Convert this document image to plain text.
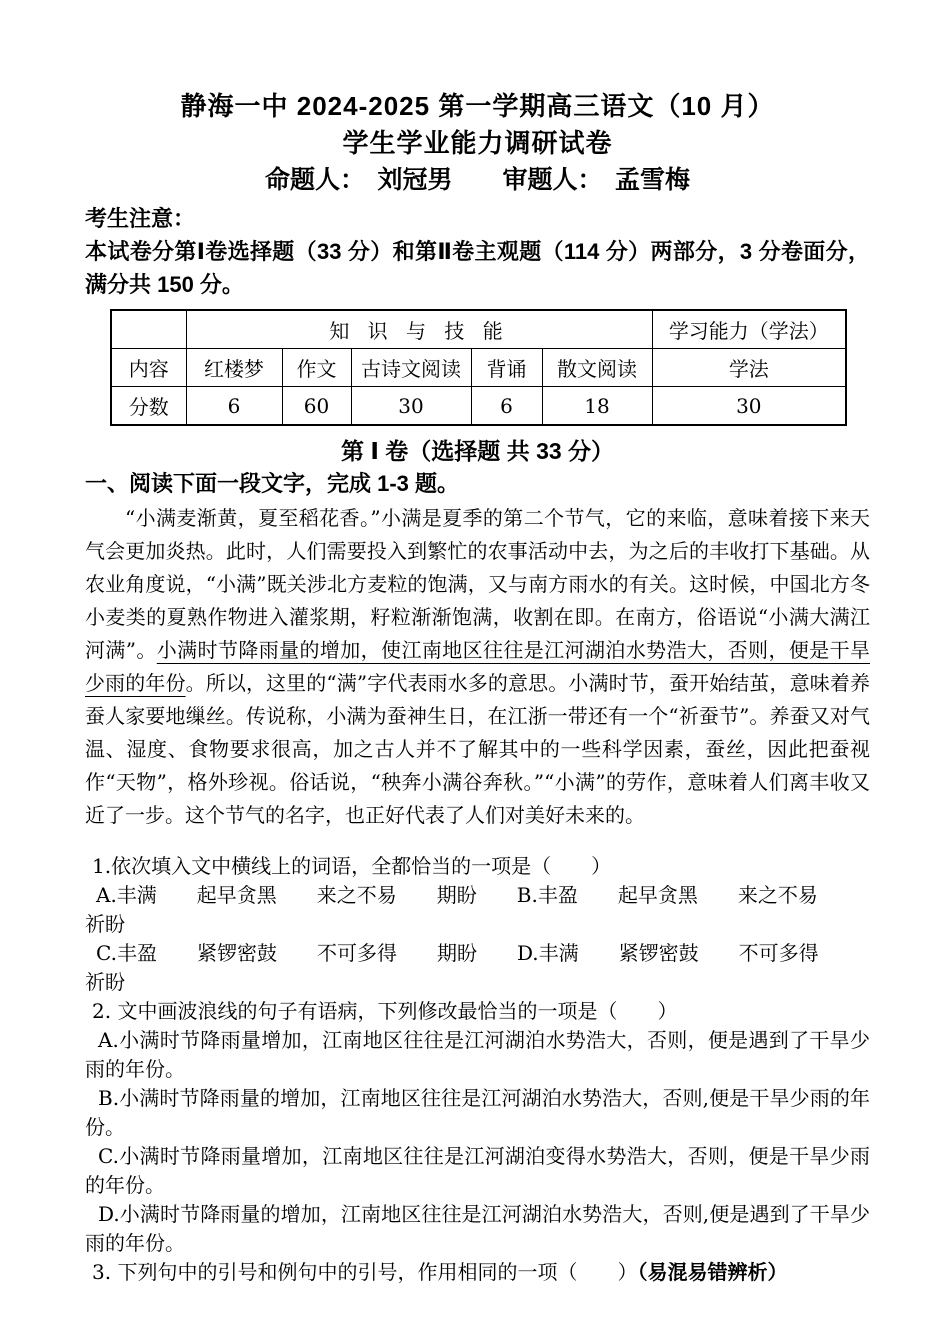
静海一中 2024-2025 第一学期高三语文（10 月）
学生学业能力调研试卷
命题人：　刘冠男　　审题人：　孟雪梅
考生注意：
本试卷分第Ⅰ卷选择题（33 分）和第Ⅱ卷主观题（114 分）两部分，3 分卷面分，满分共 150 分。
	知 识 与 技 能					学习能力（学法）
内容	红楼梦	作文	古诗文阅读	背诵	散文阅读	学法
分数	6	60	30	6	18	30
第 Ⅰ 卷（选择题 共 33 分）
一、阅读下面一段文字，完成 1-3 题。

“小满麦渐黄，夏至稻花香。”小满是夏季的第二个节气，它的来临，意味着接下来天气会更加炎热。此时，人们需要投入到繁忙的农事活动中去，为之后的丰收打下基础。从农业角度说，“小满”既关涉北方麦粒的饱满，又与南方雨水的有关。这时候，中国北方冬小麦类的夏熟作物进入灌浆期，籽粒渐渐饱满，收割在即。在南方，俗语说“小满大满江河满”。小满时节降雨量的增加，使江南地区往往是江河湖泊水势浩大，否则，便是干旱少雨的年份。所以，这里的“满”字代表雨水多的意思。小满时节，蚕开始结茧，意味着养蚕人家要地缫丝。传说称，小满为蚕神生日，在江浙一带还有一个“祈蚕节”。养蚕又对气温、湿度、食物要求很高，加之古人并不了解其中的一些科学因素，蚕丝，因此把蚕视作“天物”，格外珍视。俗话说，“秧奔小满谷奔秋。”“小满”的劳作，意味着人们离丰收又近了一步。这个节气的名字，也正好代表了人们对美好未来的。

1.依次填入文中横线上的词语，全都恰当的一项是（　　）
A.丰满　　起早贪黑　　来之不易　　期盼　　B.丰盈　　起早贪黑　　来之不易
祈盼
C.丰盈　　紧锣密鼓　　不可多得　　期盼　　D.丰满　　紧锣密鼓　　不可多得
祈盼
2. 文中画波浪线的句子有语病，下列修改最恰当的一项是（　　）

A.小满时节降雨量增加，江南地区往往是江河湖泊水势浩大，否则，便是遇到了干旱少雨的年份。

B.小满时节降雨量的增加，江南地区往往是江河湖泊水势浩大，否则,便是干旱少雨的年份。

C.小满时节降雨量增加，江南地区往往是江河湖泊变得水势浩大，否则，便是干旱少雨的年份。

D.小满时节降雨量的增加，江南地区往往是江河湖泊水势浩大，否则,便是遇到了干旱少雨的年份。

3. 下列句中的引号和例句中的引号，作用相同的一项（　　）（易混易错辨析）
